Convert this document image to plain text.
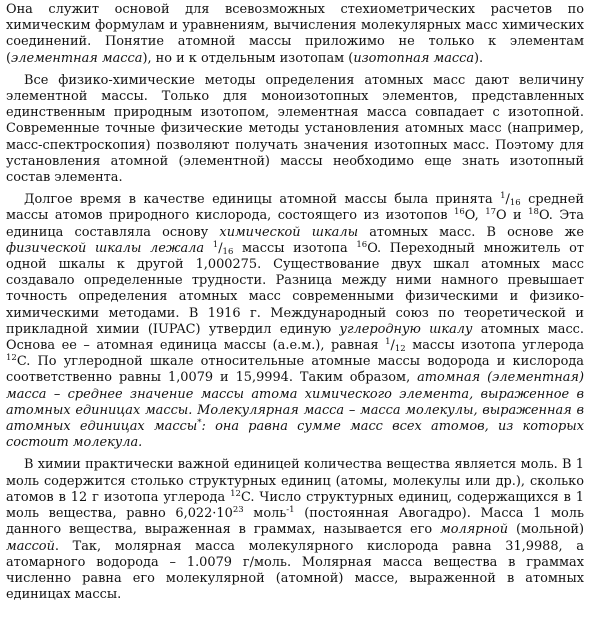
Она служит основой для всевозможных стехиометрических расчетов по химическим формулам и уравнениям, вычисления молекулярных масс химических соединений. Понятие атомной массы приложимо не только к элементам (элементная масса), но и к отдельным изотопам (изотопная масса).

Все физико-химические методы определения атомных масс дают величину элементной массы. Только для моноизотопных элементов, представленных единственным природным изотопом, элементная масса совпадает с изотопной. Современные точные физические методы установления атомных масс (например, масс-спектроскопия) позволяют получать значения изотопных масс. Поэтому для установления атомной (элементной) массы необходимо еще знать изотопный состав элемента.

Долгое время в качестве единицы атомной массы была принята $^1/_{16}$ средней массы атомов природного кислорода, состоящего из изотопов $^{16}$O, $^{17}$O и $^{18}$O. Эта единица составляла основу химической шкалы атомных масс. В основе же физической шкалы лежала $^1/_{16}$ массы изотопа $^{16}$O. Переходный множитель от одной шкалы к другой 1,000275. Существование двух шкал атомных масс создавало определенные трудности. Разница между ними намного превышает точность определения атомных масс современными физическими и физико-химическими методами. В 1916 г. Международный союз по теоретической и прикладной химии (IUPAC) утвердил единую углеродную шкалу атомных масс. Основа ее – атомная единица массы (а.е.м.), равная $^1/_{12}$ массы изотопа углерода $^{12}$C. По углеродной шкале относительные атомные массы водорода и кислорода соответственно равны 1,0079 и 15,9994. Таким образом, атомная (элементная) масса – среднее значение массы атома химического элемента, выраженное в атомных единицах массы. Молекулярная масса – масса молекулы, выраженная в атомных единицах массы*: она равна сумме масс всех атомов, из которых состоит молекула.

В химии практически важной единицей количества вещества является моль. В 1 моль содержится столько структурных единиц (атомы, молекулы или др.), сколько атомов в 12 г изотопа углерода $^{12}$C. Число структурных единиц, содержащихся в 1 моль вещества, равно $6,022\cdot 10^{23}$ моль$^{-1}$ (постоянная Авогадро). Масса 1 моль данного вещества, выраженная в граммах, называется его молярной (мольной) массой. Так, молярная масса молекулярного кислорода равна 31,9988, а атомарного водорода – 1.0079 г/моль. Молярная масса вещества в граммах численно равна его молекулярной (атомной) массе, выраженной в атомных единицах массы.
